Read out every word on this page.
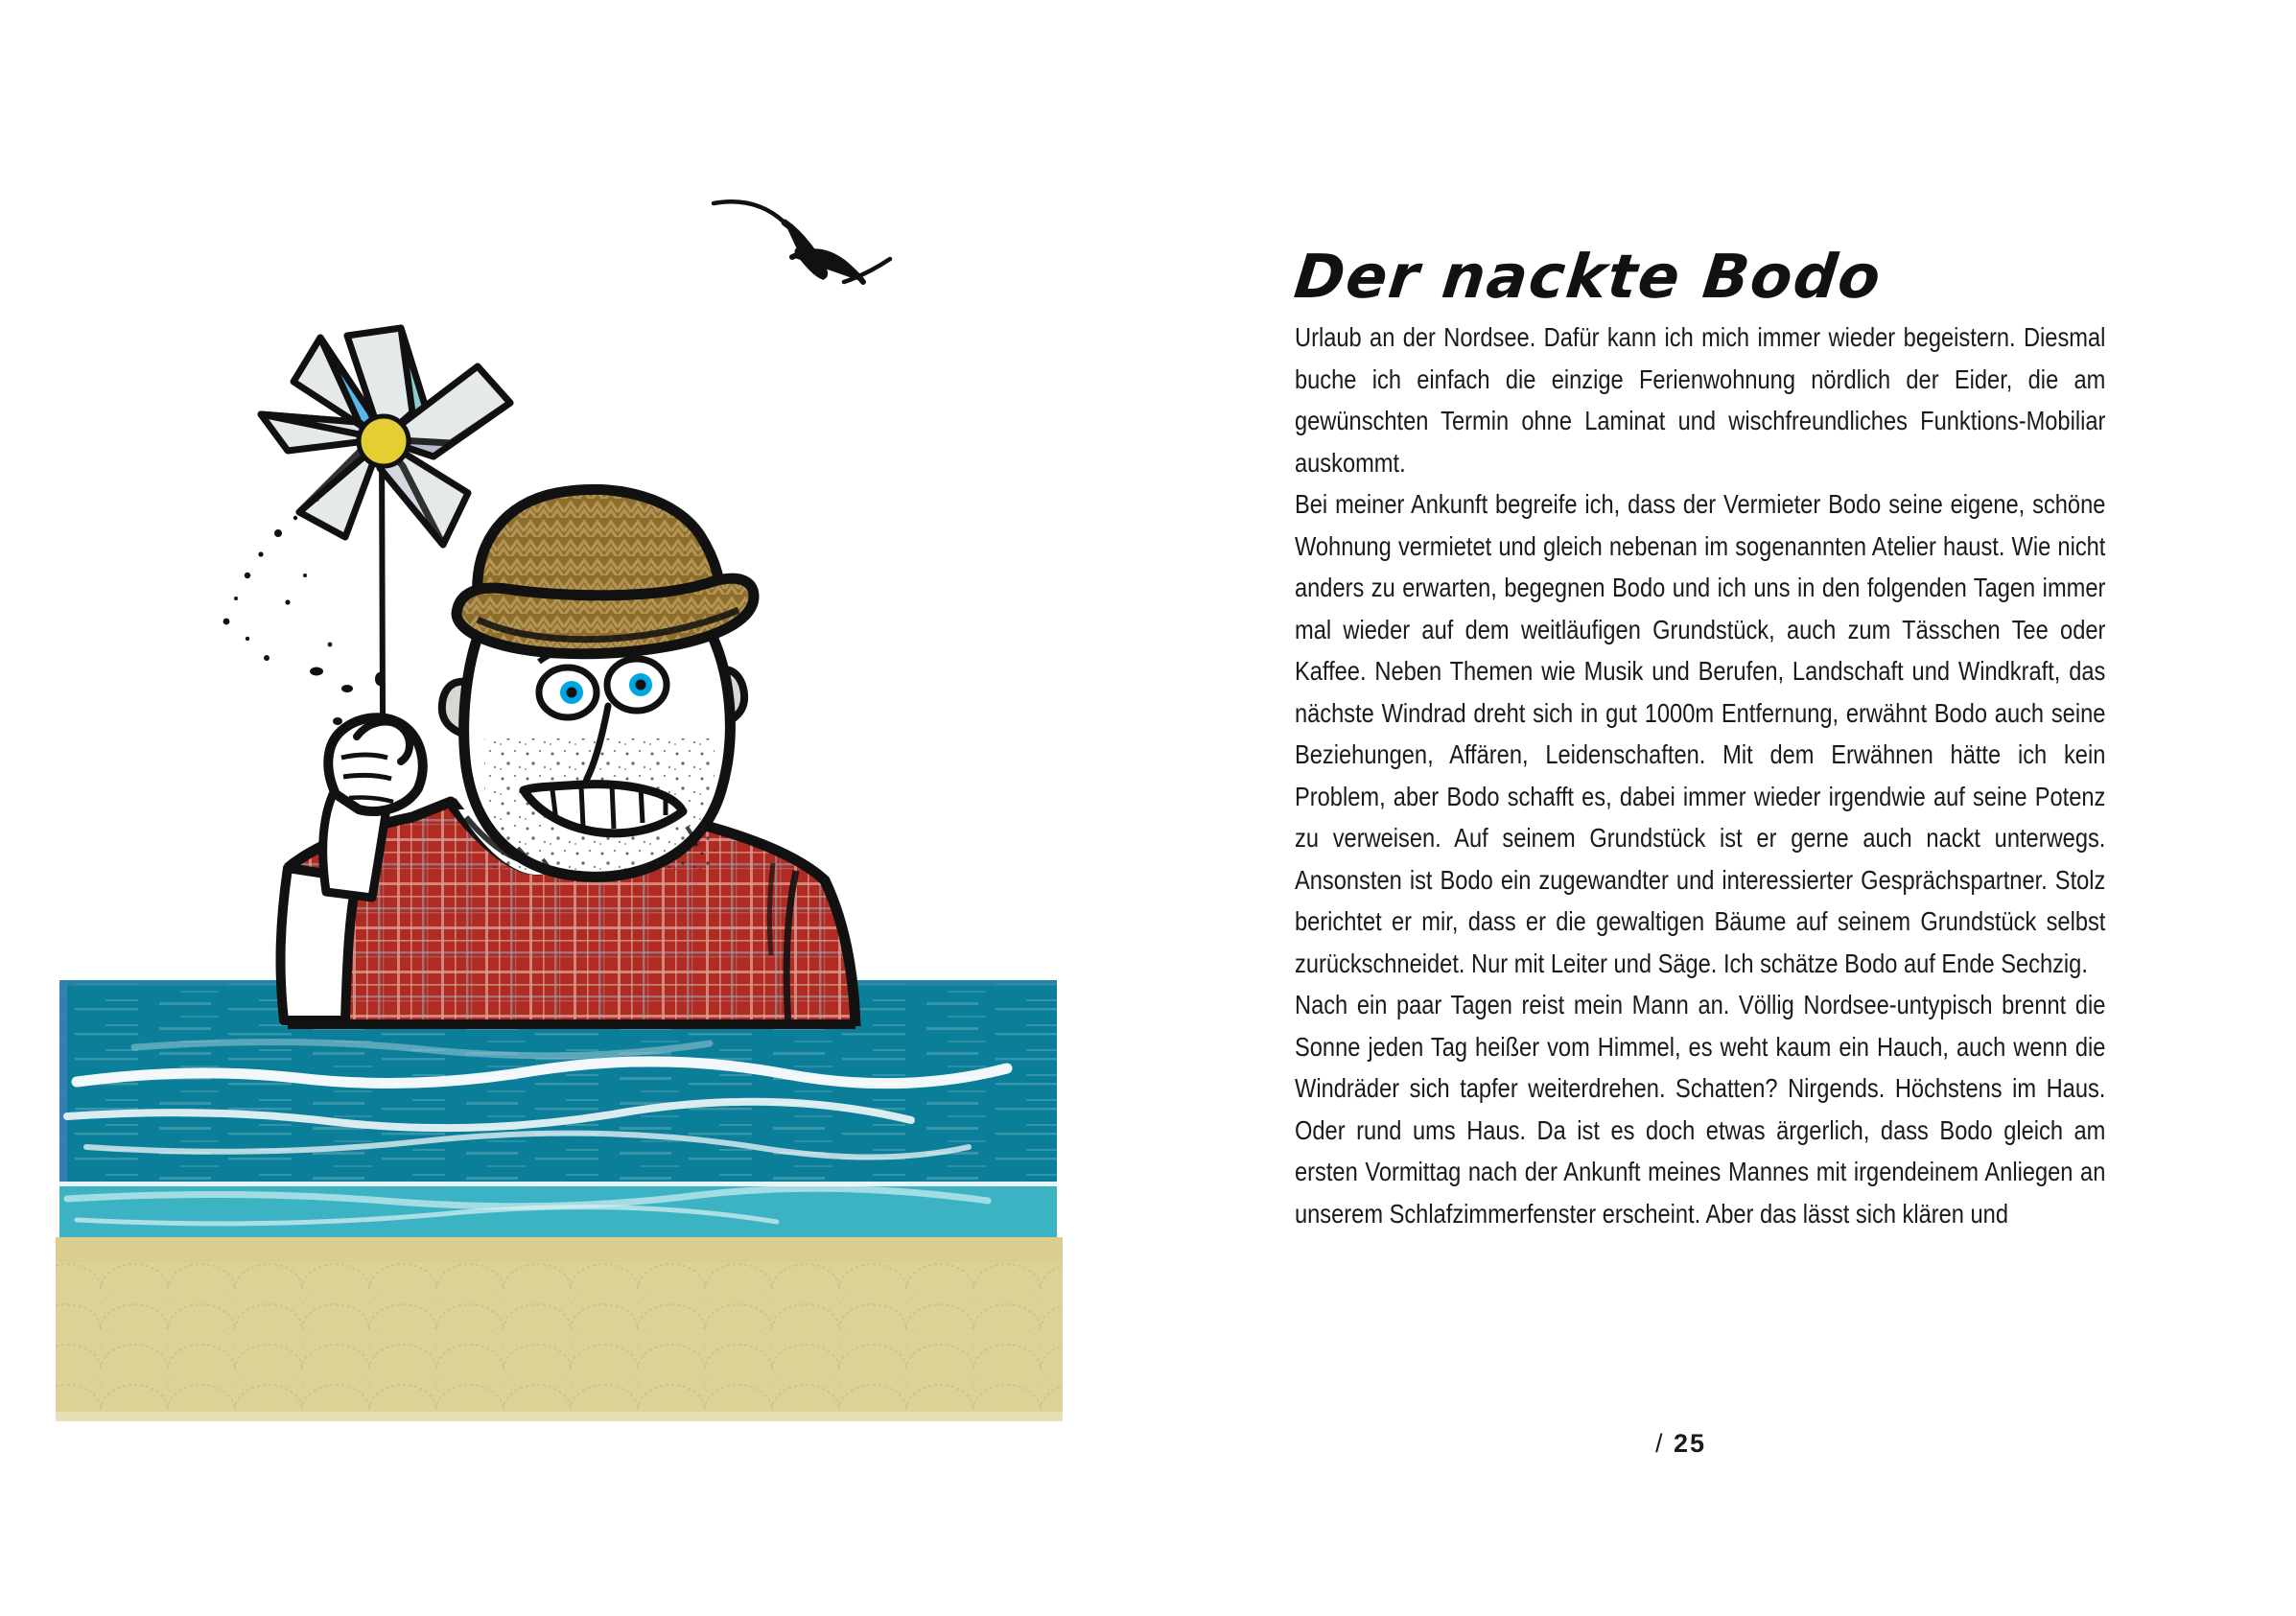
Der nackte Bodo

Urlaub an der Nordsee. Dafür kann ich mich immer wieder begeistern. Diesmal buche ich einfach die einzige Ferienwohnung nördlich der Eider, die am gewünschten Termin ohne Laminat und wischfreundliches Funktions-Mobiliar auskommt.

Bei meiner Ankunft begreife ich, dass der Vermieter Bodo seine eigene, schöne Wohnung vermietet und gleich nebenan im sogenannten Atelier haust. Wie nicht anders zu erwarten, begegnen Bodo und ich uns in den folgenden Tagen immer mal wieder auf dem weitläufigen Grundstück, auch zum Tässchen Tee oder Kaffee. Neben Themen wie Musik und Berufen, Landschaft und Windkraft, das nächste Windrad dreht sich in gut 1000m Entfernung, erwähnt Bodo auch seine Beziehungen, Affären, Leidenschaften. Mit dem Erwähnen hätte ich kein Problem, aber Bodo schafft es, dabei immer wieder irgendwie auf seine Potenz zu verweisen. Auf seinem Grundstück ist er gerne auch nackt unterwegs. Ansonsten ist Bodo ein zugewandter und interessierter Gesprächspartner. Stolz berichtet er mir, dass er die gewaltigen Bäume auf seinem Grundstück selbst zurückschneidet. Nur mit Leiter und Säge. Ich schätze Bodo auf Ende Sechzig.

Nach ein paar Tagen reist mein Mann an. Völlig Nordsee-untypisch brennt die Sonne jeden Tag heißer vom Himmel, es weht kaum ein Hauch, auch wenn die Windräder sich tapfer weiterdrehen. Schatten? Nirgends. Höchstens im Haus. Oder rund ums Haus. Da ist es doch etwas ärgerlich, dass Bodo gleich am ersten Vormittag nach der Ankunft meines Mannes mit irgendeinem Anliegen an unserem Schlafzimmerfenster erscheint. Aber das lässt sich klären und

/ 25
